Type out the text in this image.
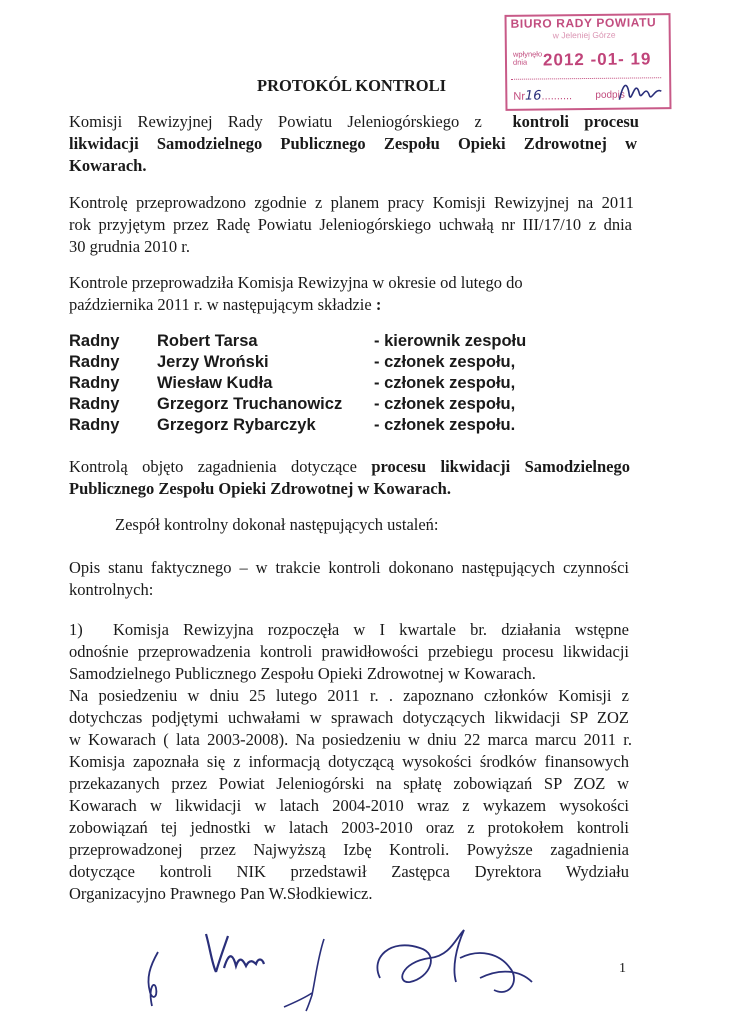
BIURO RADY POWIATU
w Jeleniej Górze
wpłynęło
dnia 2012 -01- 19
Nr16.......... podpis
PROTOKÓL KONTROLI
Komisji Rewizyjnej Rady Powiatu Jeleniogórskiego z kontroli procesu
likwidacji Samodzielnego Publicznego Zespołu Opieki Zdrowotnej w
Kowarach.
Kontrolę przeprowadzono zgodnie z planem pracy Komisji Rewizyjnej na 2011
rok przyjętym przez Radę Powiatu Jeleniogórskiego uchwałą nr III/17/10 z dnia
30 grudnia 2010 r.
Kontrole przeprowadziła Komisja Rewizyjna w okresie od lutego do
października 2011 r. w następującym składzie :
Radny Robert Tarsa	- kierownik zespołu
Radny Jerzy Wroński	- członek zespołu,
Radny Wiesław Kudła	- członek zespołu,
Radny Grzegorz Truchanowicz - członek zespołu,
Radny Grzegorz Rybarczyk	- członek zespołu.
Kontrolą objęto zagadnienia dotyczące procesu likwidacji Samodzielnego
Publicznego Zespołu Opieki Zdrowotnej w Kowarach.
Zespół kontrolny dokonał następujących ustaleń:
Opis stanu faktycznego – w trakcie kontroli dokonano następujących czynności
kontrolnych:
1) Komisja Rewizyjna rozpoczęła w I kwartale br. działania wstępne
odnośnie przeprowadzenia kontroli prawidłowości przebiegu procesu likwidacji
Samodzielnego Publicznego Zespołu Opieki Zdrowotnej w Kowarach.
Na posiedzeniu w dniu 25 lutego 2011 r. . zapoznano członków Komisji z
dotychczas podjętymi uchwałami w sprawach dotyczących likwidacji SP ZOZ
w Kowarach ( lata 2003-2008). Na posiedzeniu w dniu 22 marca marcu 2011 r.
Komisja zapoznała się z informacją dotyczącą wysokości środków finansowych
przekazanych przez Powiat Jeleniogórski na spłatę zobowiązań SP ZOZ w
Kowarach w likwidacji w latach 2004-2010 wraz z wykazem wysokości
zobowiązań tej jednostki w latach 2003-2010 oraz z protokołem kontroli
przeprowadzonej przez Najwyższą Izbę Kontroli. Powyższe zagadnienia
dotyczące kontroli NIK przedstawił Zastępca Dyrektora Wydziału
Organizacyjno Prawnego Pan W.Słodkiewicz.
1
